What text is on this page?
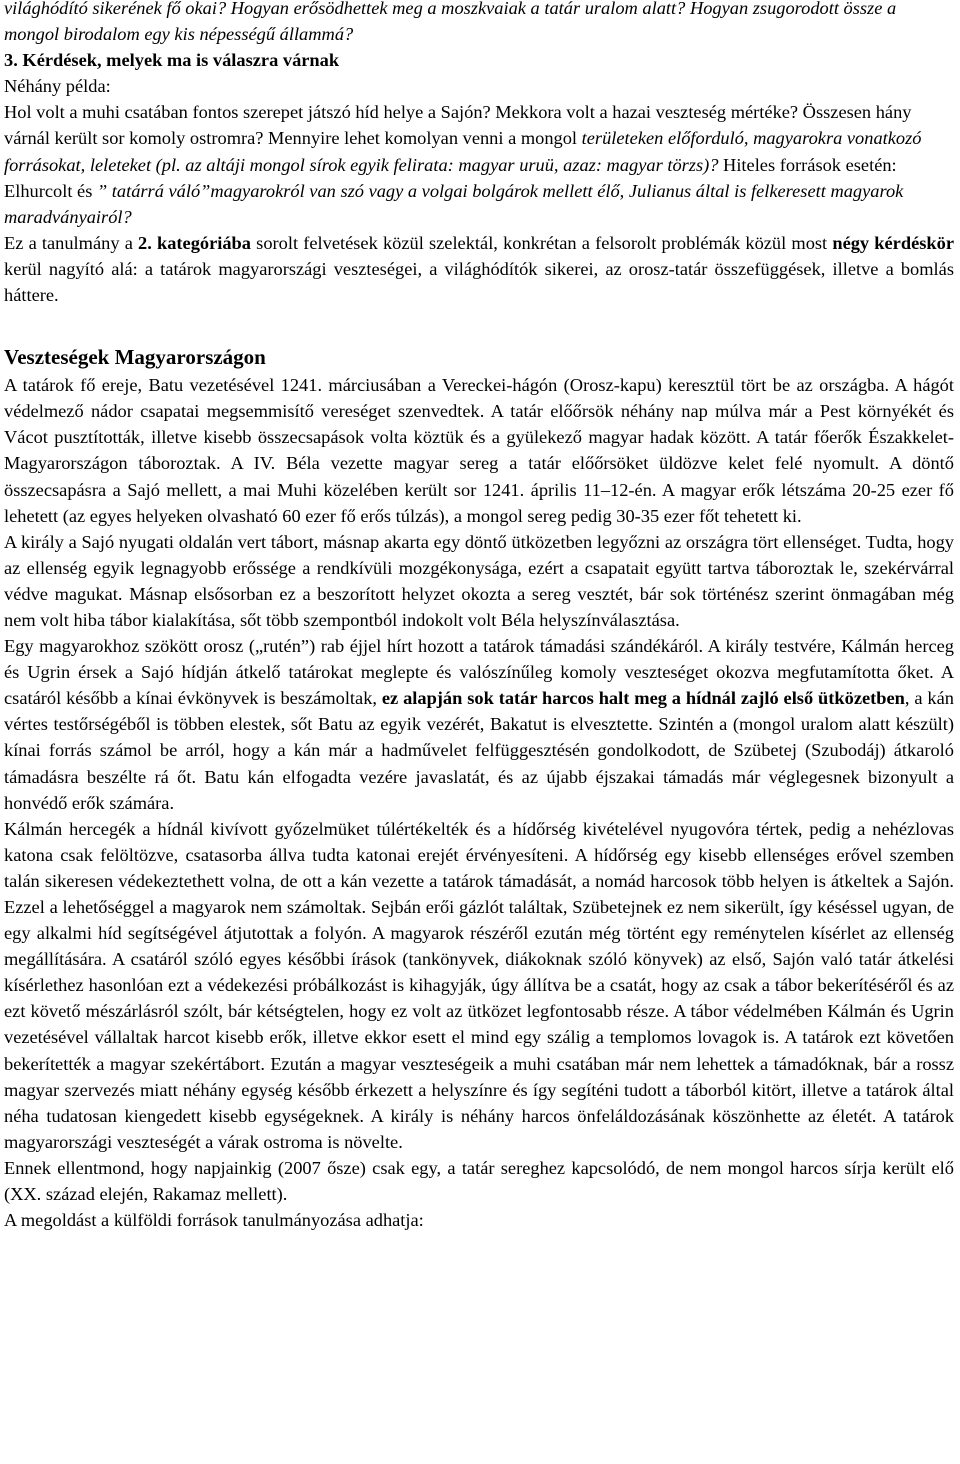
világhódító sikerének fő okai? Hogyan erősödhettek meg a moszkvaiak a tatár uralom alatt? Hogyan zsugorodott össze a mongol birodalom egy kis népességű állammá?

3. Kérdések, melyek ma is válaszra várnak

Néhány példa:

Hol volt a muhi csatában fontos szerepet játszó híd helye a Sajón? Mekkora volt a hazai veszteség mértéke? Összesen hány várnál került sor komoly ostromra? Mennyire lehet komolyan venni a mongol területeken előforduló, magyarokra vonatkozó forrásokat, leleteket (pl. az altáji mongol sírok egyik felirata: magyar uruü, azaz: magyar törzs)? Hiteles források esetén: Elhurcolt és ” tatárrá váló”magyarokról van szó vagy a volgai bolgárok mellett élő, Julianus által is felkeresett magyarok maradványairól?

Ez a tanulmány a 2. kategóriába sorolt felvetések közül szelektál, konkrétan a felsorolt problémák közül most négy kérdéskör kerül nagyító alá: a tatárok magyarországi veszteségei, a világhódítók sikerei, az orosz-tatár összefüggések, illetve a bomlás háttere.

Veszteségek Magyarországon

A tatárok fő ereje, Batu vezetésével 1241. márciusában a Vereckei-hágón (Orosz-kapu) keresztül tört be az országba. A hágót védelmező nádor csapatai megsemmisítő vereséget szenvedtek. A tatár előőrsök néhány nap múlva már a Pest környékét és Vácot pusztították, illetve kisebb összecsapások volta köztük és a gyülekező magyar hadak között. A tatár főerők Északkelet-Magyarországon táboroztak. A IV. Béla vezette magyar sereg a tatár előőrsöket üldözve kelet felé nyomult. A döntő összecsapásra a Sajó mellett, a mai Muhi közelében került sor 1241. április 11–12-én. A magyar erők létszáma 20-25 ezer fő lehetett (az egyes helyeken olvasható 60 ezer fő erős túlzás), a mongol sereg pedig 30-35 ezer főt tehetett ki.

A király a Sajó nyugati oldalán vert tábort, másnap akarta egy döntő ütközetben legyőzni az országra tört ellenséget. Tudta, hogy az ellenség egyik legnagyobb erőssége a rendkívüli mozgékonysága, ezért a csapatait együtt tartva táboroztak le, szekérvárral védve magukat. Másnap elsősorban ez a beszorított helyzet okozta a sereg vesztét, bár sok történész szerint önmagában még nem volt hiba tábor kialakítása, sőt több szempontból indokolt volt Béla helyszínválasztása.

Egy magyarokhoz szökött orosz („rutén”) rab éjjel hírt hozott a tatárok támadási szándékáról. A király testvére, Kálmán herceg és Ugrin érsek a Sajó hídján átkelő tatárokat meglepte és valószínűleg komoly veszteséget okozva megfutamította őket. A csatáról később a kínai évkönyvek is beszámoltak, ez alapján sok tatár harcos halt meg a hídnál zajló első ütközetben, a kán vértes testőrségéből is többen elestek, sőt Batu az egyik vezérét, Bakatut is elvesztette. Szintén a (mongol uralom alatt készült) kínai forrás számol be arról, hogy a kán már a hadművelet felfüggesztésén gondolkodott, de Szübetej (Szubodáj) átkaroló támadásra beszélte rá őt. Batu kán elfogadta vezére javaslatát, és az újabb éjszakai támadás már véglegesnek bizonyult a honvédő erők számára.

Kálmán hercegék a hídnál kivívott győzelmüket túlértékelték és a hídőrség kivételével nyugovóra tértek, pedig a nehézlovas katona csak felöltözve, csatasorba állva tudta katonai erejét érvényesíteni. A hídőrség egy kisebb ellenséges erővel szemben talán sikeresen védekeztethett volna, de ott a kán vezette a tatárok támadását, a nomád harcosok több helyen is átkeltek a Sajón. Ezzel a lehetőséggel a magyarok nem számoltak. Sejbán erői gázlót találtak, Szübetejnek ez nem sikerült, így késéssel ugyan, de egy alkalmi híd segítségével átjutottak a folyón. A magyarok részéről ezután még történt egy reménytelen kísérlet az ellenség megállítására. A csatáról szóló egyes későbbi írások (tankönyvek, diákoknak szóló könyvek) az első, Sajón való tatár átkelési kísérlethez hasonlóan ezt a védekezési próbálkozást is kihagyják, úgy állítva be a csatát, hogy az csak a tábor bekerítéséről és az ezt követő mészárlásról szólt, bár kétségtelen, hogy ez volt az ütközet legfontosabb része. A tábor védelmében Kálmán és Ugrin vezetésével vállaltak harcot kisebb erők, illetve ekkor esett el mind egy szálig a templomos lovagok is. A tatárok ezt követően bekerítették a magyar szekértábort. Ezután a magyar veszteségeik a muhi csatában már nem lehettek a támadóknak, bár a rossz magyar szervezés miatt néhány egység később érkezett a helyszínre és így segíténi tudott a táborból kitört, illetve a tatárok által néha tudatosan kiengedett kisebb egységeknek. A király is néhány harcos önfeláldozásának köszönhette az életét. A tatárok magyarországi veszteségét a várak ostroma is növelte.

Ennek ellentmond, hogy napjainkig (2007 ősze) csak egy, a tatár sereghez kapcsolódó, de nem mongol harcos sírja került elő (XX. század elején, Rakamaz mellett).

A megoldást a külföldi források tanulmányozása adhatja:
